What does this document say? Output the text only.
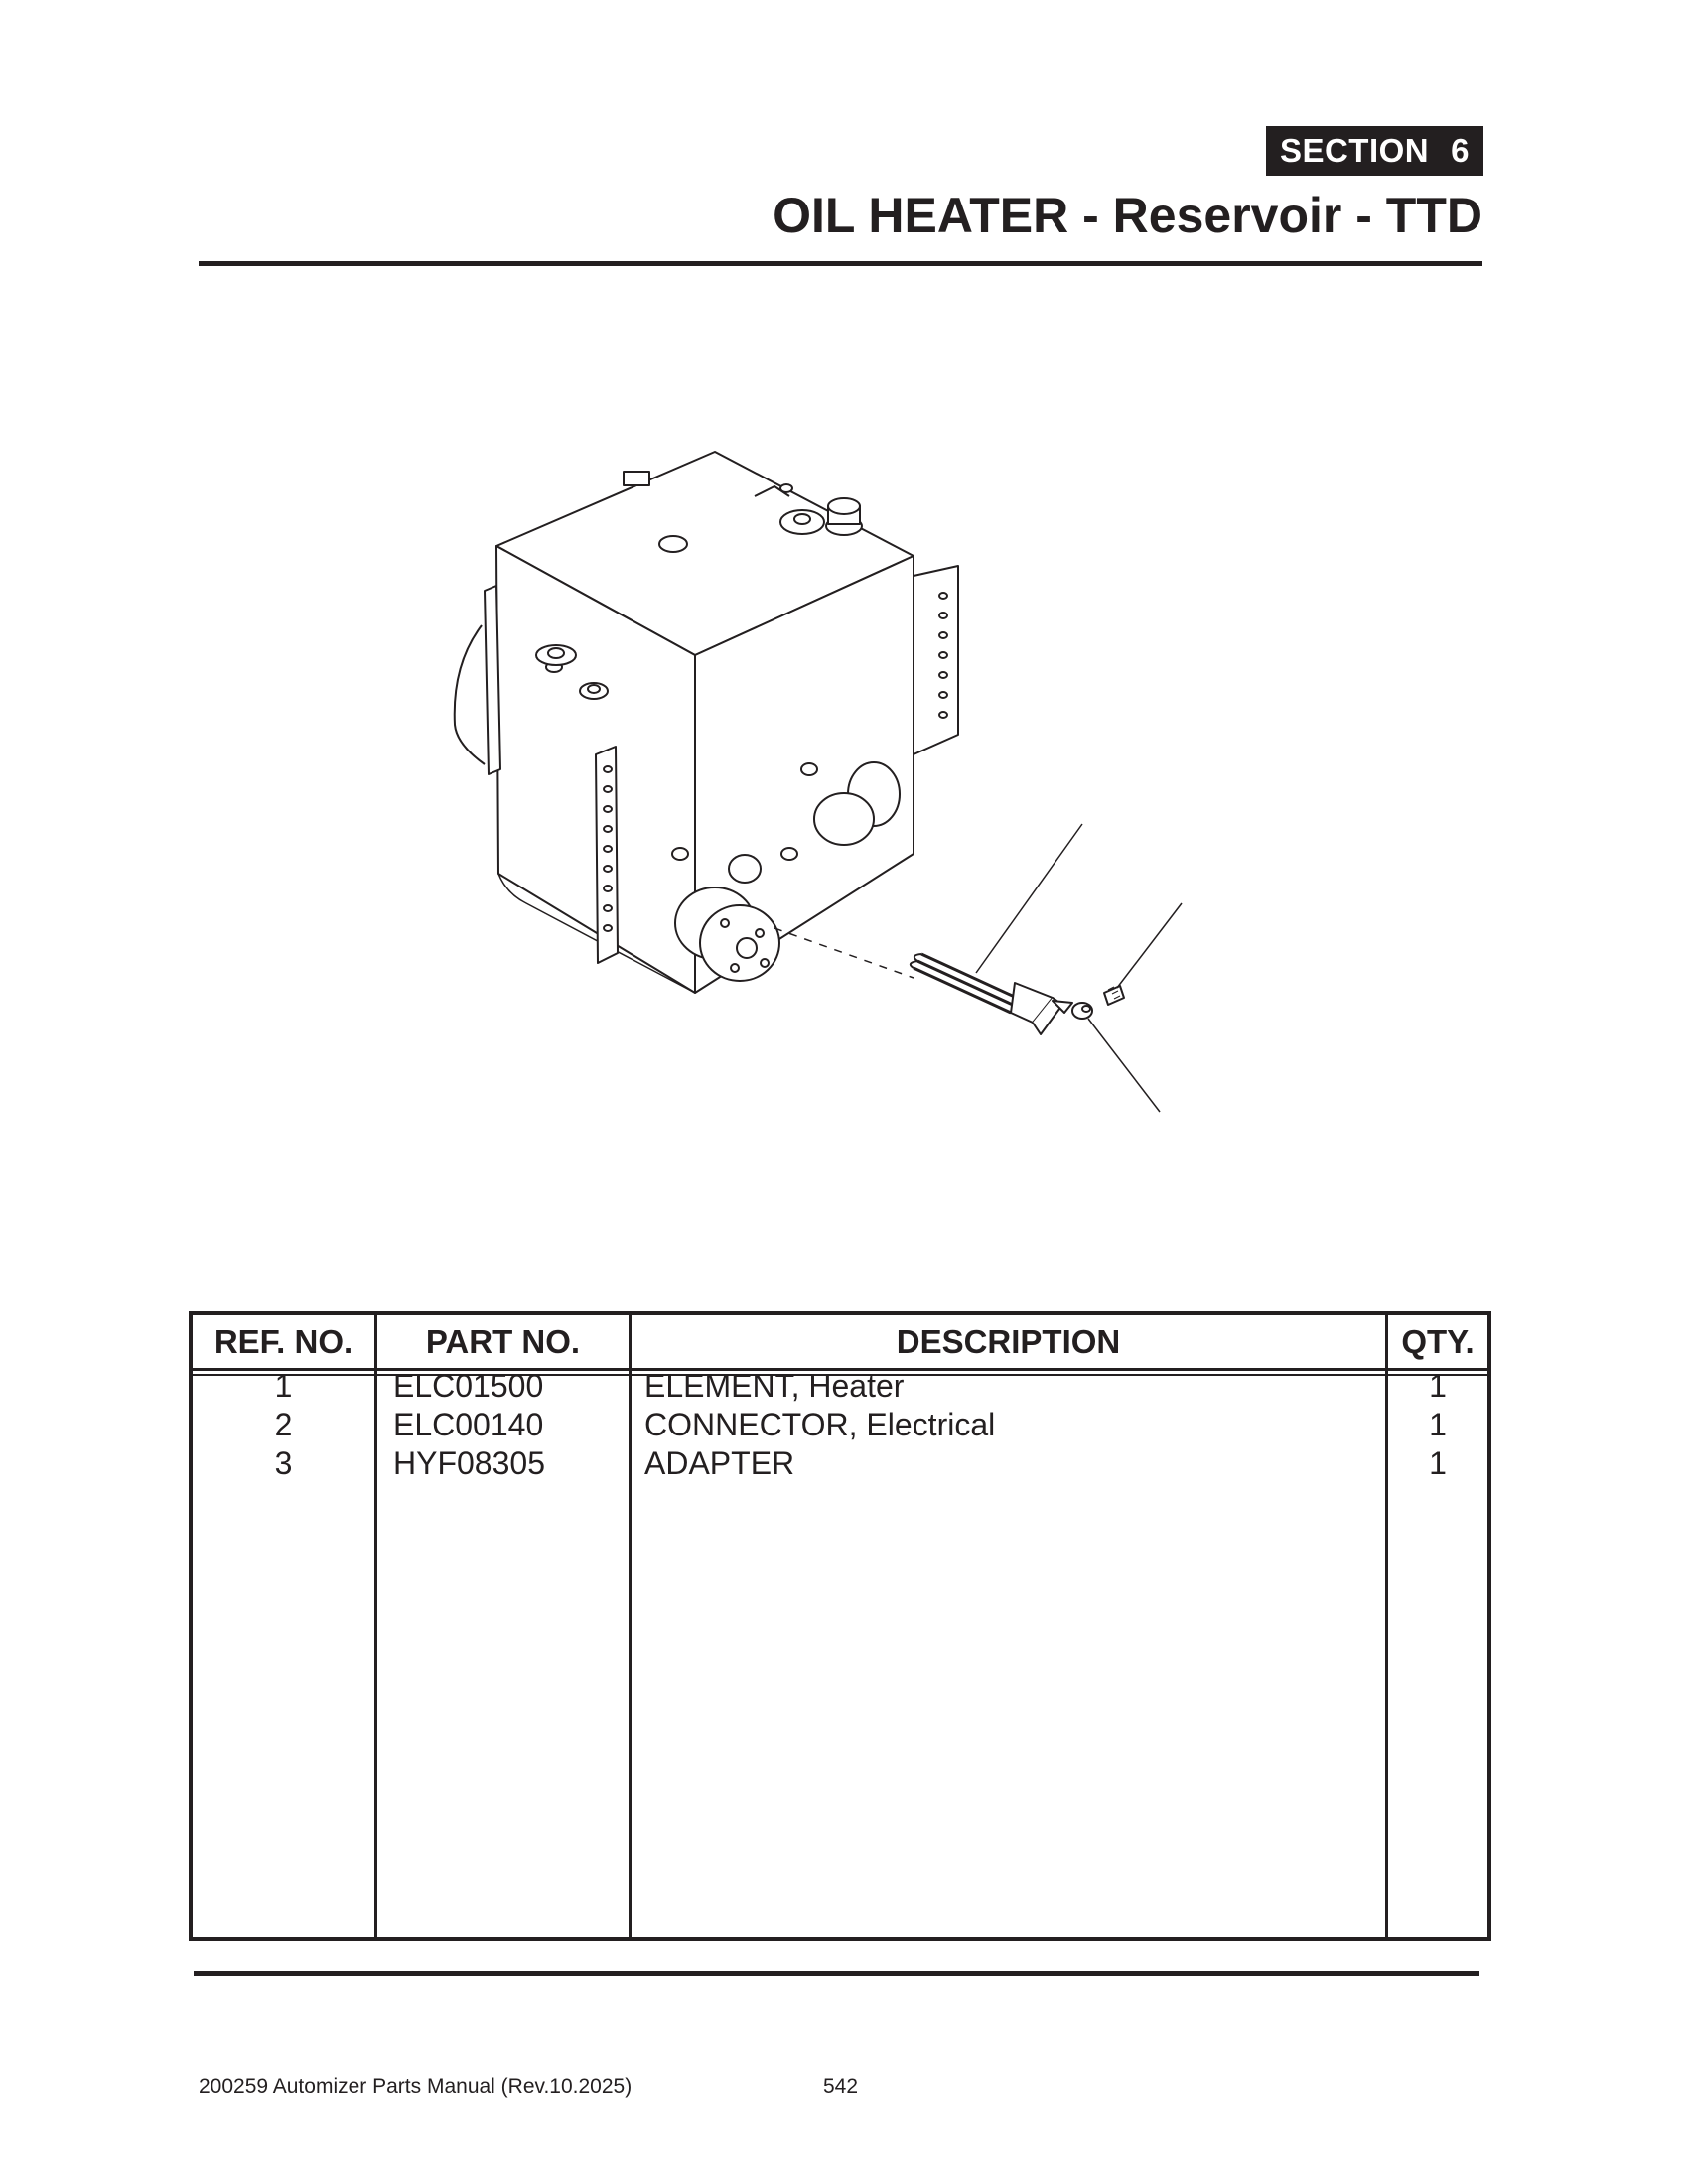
SECTION 6
OIL HEATER - Reservoir - TTD
REF. NO.	PART NO.	DESCRIPTION	QTY.
1	ELC01500	ELEMENT, Heater	1
2	ELC00140	CONNECTOR, Electrical	1
3	HYF08305	ADAPTER	1
200259 Automizer Parts Manual (Rev.10.2025)	542
